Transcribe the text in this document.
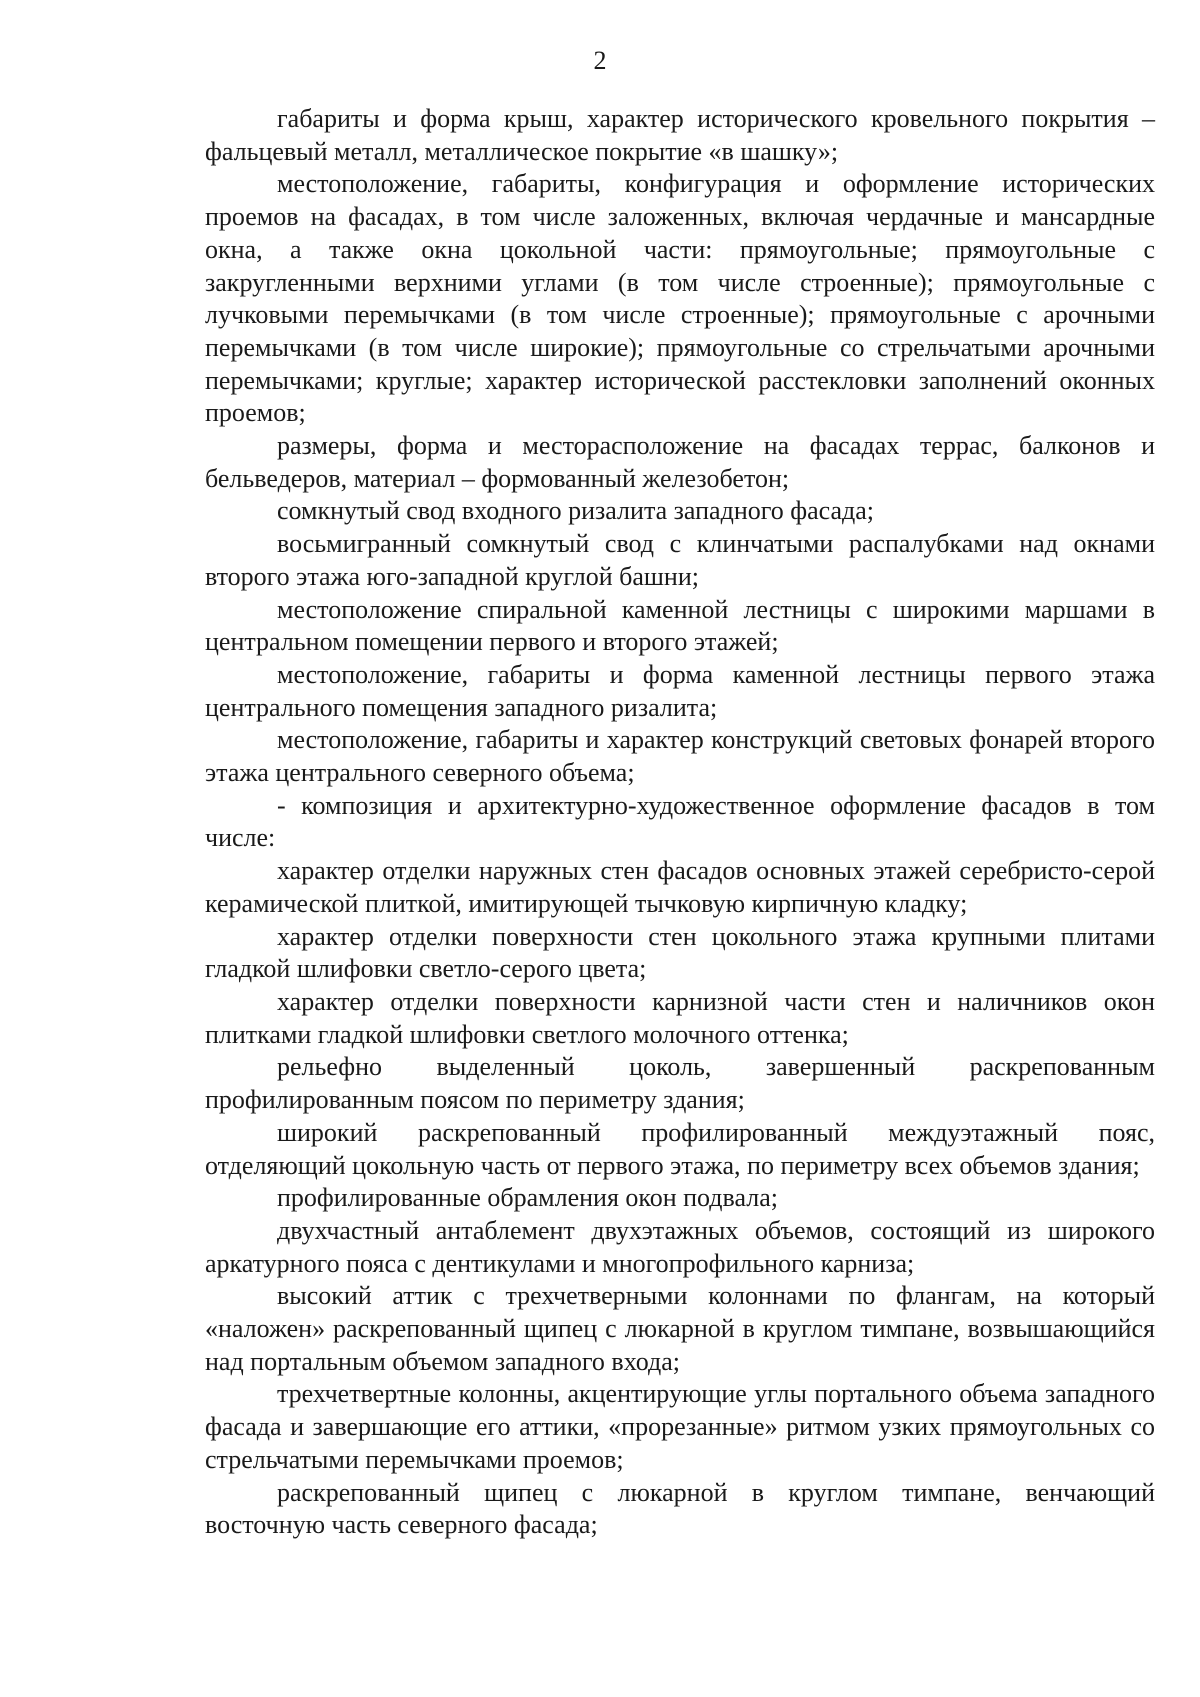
2

габариты и форма крыш, характер исторического кровельного покрытия – фальцевый металл, металлическое покрытие «в шашку»;

местоположение, габариты, конфигурация и оформление исторических проемов на фасадах, в том числе заложенных, включая чердачные и мансардные окна, а также окна цокольной части: прямоугольные; прямоугольные с закругленными верхними углами (в том числе строенные); прямоугольные с лучковыми перемычками (в том числе строенные); прямоугольные с арочными перемычками (в том числе широкие); прямоугольные со стрельчатыми арочными перемычками; круглые; характер исторической расстекловки заполнений оконных проемов;

размеры, форма и месторасположение на фасадах террас, балконов и бельведеров, материал – формованный железобетон;

сомкнутый свод входного ризалита западного фасада;

восьмигранный сомкнутый свод с клинчатыми распалубками над окнами второго этажа юго-западной круглой башни;

местоположение спиральной каменной лестницы с широкими маршами в центральном помещении первого и второго этажей;

местоположение, габариты и форма каменной лестницы первого этажа центрального помещения западного ризалита;

местоположение, габариты и характер конструкций световых фонарей второго этажа центрального северного объема;

- композиция и архитектурно-художественное оформление фасадов в том числе:

характер отделки наружных стен фасадов основных этажей серебристо-серой керамической плиткой, имитирующей тычковую кирпичную кладку;

характер отделки поверхности стен цокольного этажа крупными плитами гладкой шлифовки светло-серого цвета;

характер отделки поверхности карнизной части стен и наличников окон плитками гладкой шлифовки светлого молочного оттенка;

рельефно выделенный цоколь, завершенный раскрепованным профилированным поясом по периметру здания;

широкий раскрепованный профилированный междуэтажный пояс, отделяющий цокольную часть от первого этажа, по периметру всех объемов здания;

профилированные обрамления окон подвала;

двухчастный антаблемент двухэтажных объемов, состоящий из широкого аркатурного пояса с дентикулами и многопрофильного карниза;

высокий аттик с трехчетверными колоннами по флангам, на который «наложен» раскрепованный щипец с люкарной в круглом тимпане, возвышающийся над портальным объемом западного входа;

трехчетвертные колонны, акцентирующие углы портального объема западного фасада и завершающие его аттики, «прорезанные» ритмом узких прямоугольных со стрельчатыми перемычками проемов;

раскрепованный щипец с люкарной в круглом тимпане, венчающий восточную часть северного фасада;
